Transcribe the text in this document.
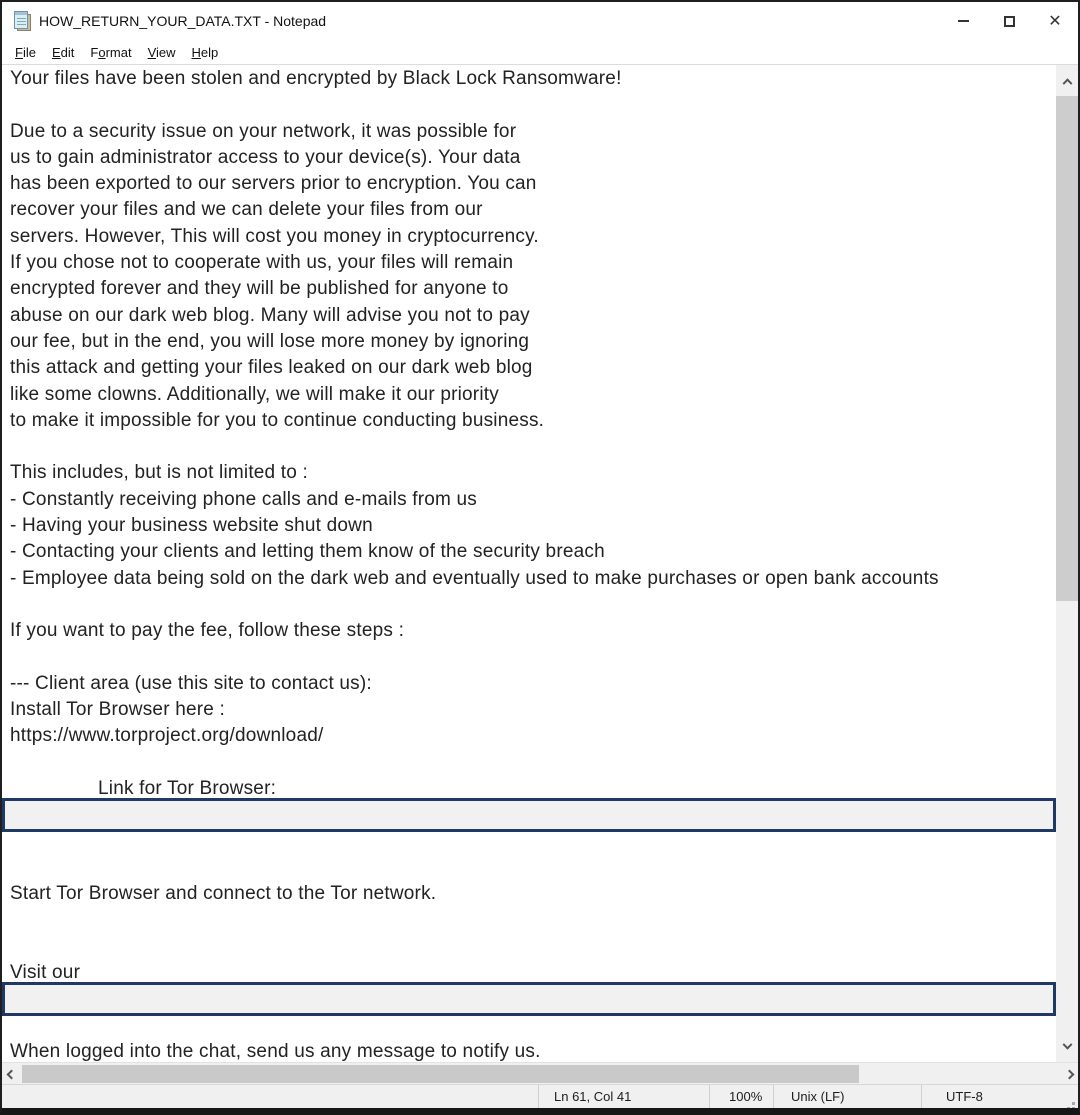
HOW_RETURN_YOUR_DATA.TXT - Notepad	✕
File	Edit	Format	View	Help
Your files have been stolen and encrypted by Black Lock Ransomware!

Due to a security issue on your network, it was possible for
us to gain administrator access to your device(s). Your data
has been exported to our servers prior to encryption. You can
recover your files and we can delete your files from our
servers. However, This will cost you money in cryptocurrency.
If you chose not to cooperate with us, your files will remain
encrypted forever and they will be published for anyone to
abuse on our dark web blog. Many will advise you not to pay
our fee, but in the end, you will lose more money by ignoring
this attack and getting your files leaked on our dark web blog
like some clowns. Additionally, we will make it our priority
to make it impossible for you to continue conducting business.

This includes, but is not limited to :
- Constantly receiving phone calls and e-mails from us
- Having your business website shut down
- Contacting your clients and letting them know of the security breach
- Employee data being sold on the dark web and eventually used to make purchases or open bank accounts

If you want to pay the fee, follow these steps :

--- Client area (use this site to contact us):
Install Tor Browser here :
https://www.torproject.org/download/

Link for Tor Browser:

Start Tor Browser and connect to the Tor network.

Visit our

When logged into the chat, send us any message to notify us.
Ln 61, Col 41	100%	Unix (LF)	UTF-8
